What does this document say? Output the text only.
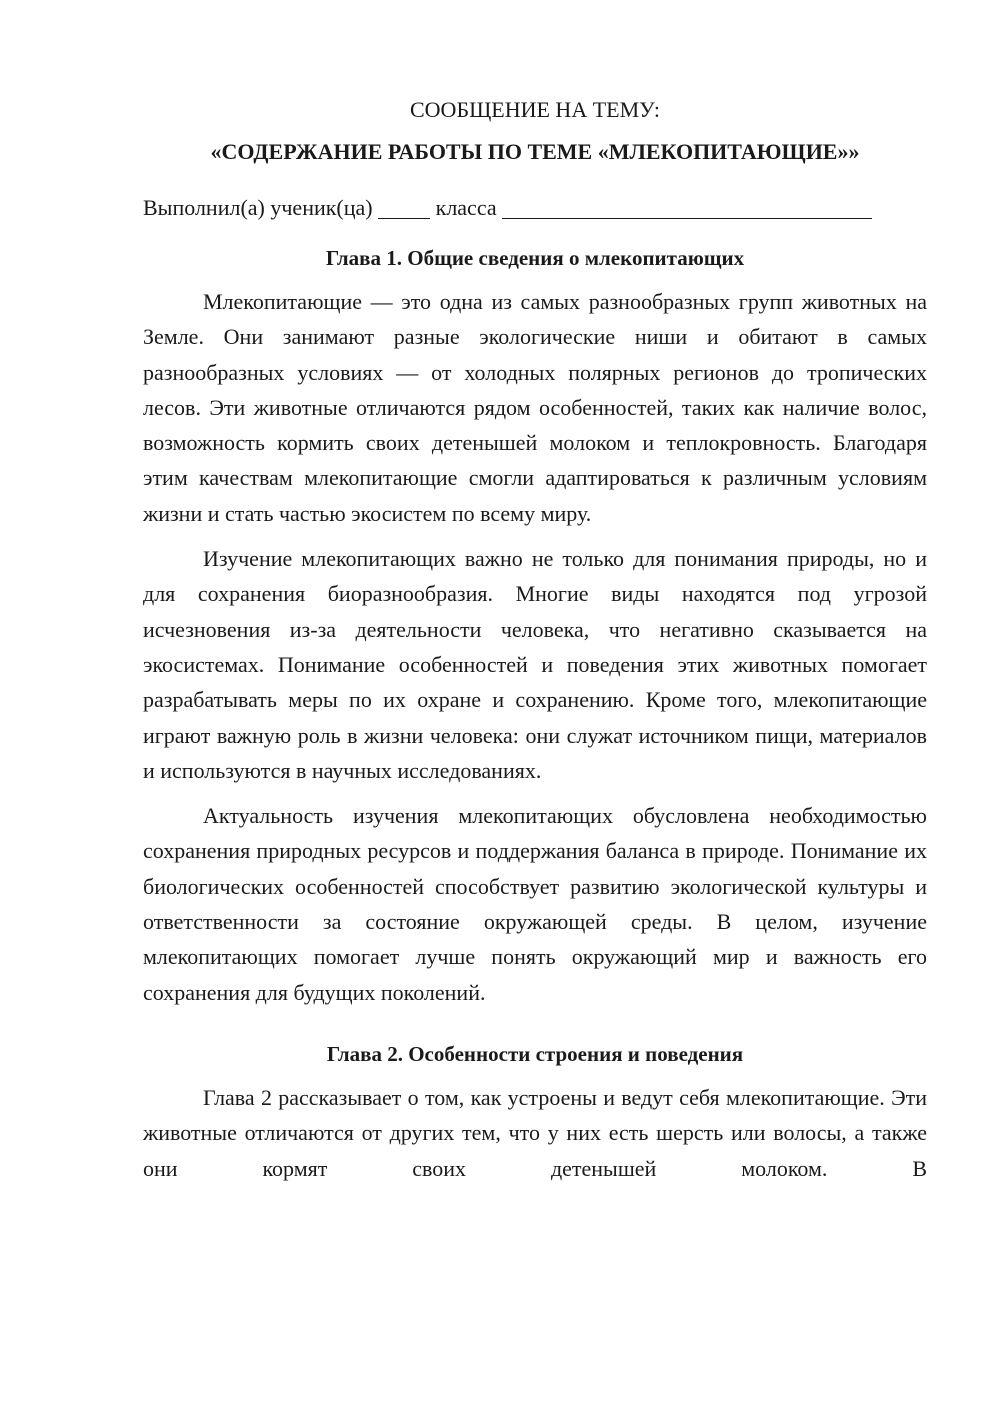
СООБЩЕНИЕ НА ТЕМУ:

«СОДЕРЖАНИЕ РАБОТЫ ПО ТЕМЕ «МЛЕКОПИТАЮЩИЕ»»

Выполнил(а) ученик(ца)	класса

Глава 1. Общие сведения о млекопитающих

Млекопитающие — это одна из самых разнообразных групп животных на Земле. Они занимают разные экологические ниши и обитают в самых разнообразных условиях — от холодных полярных регионов до тропических лесов. Эти животные отличаются рядом особенностей, таких как наличие волос, возможность кормить своих детенышей молоком и теплокровность. Благодаря этим качествам млекопитающие смогли адаптироваться к различным условиям жизни и стать частью экосистем по всему миру.

Изучение млекопитающих важно не только для понимания природы, но и для сохранения биоразнообразия. Многие виды находятся под угрозой исчезновения из-за деятельности человека, что негативно сказывается на экосистемах. Понимание особенностей и поведения этих животных помогает разрабатывать меры по их охране и сохранению. Кроме того, млекопитающие играют важную роль в жизни человека: они служат источником пищи, материалов и используются в научных исследованиях.

Актуальность изучения млекопитающих обусловлена необходимостью сохранения природных ресурсов и поддержания баланса в природе. Понимание их биологических особенностей способствует развитию экологической культуры и ответственности за состояние окружающей среды. В целом, изучение млекопитающих помогает лучше понять окружающий мир и важность его сохранения для будущих поколений.

Глава 2. Особенности строения и поведения

Глава 2 рассказывает о том, как устроены и ведут себя млекопитающие. Эти животные отличаются от других тем, что у них есть шерсть или волосы, а также они кормят своих детенышей молоком. В
